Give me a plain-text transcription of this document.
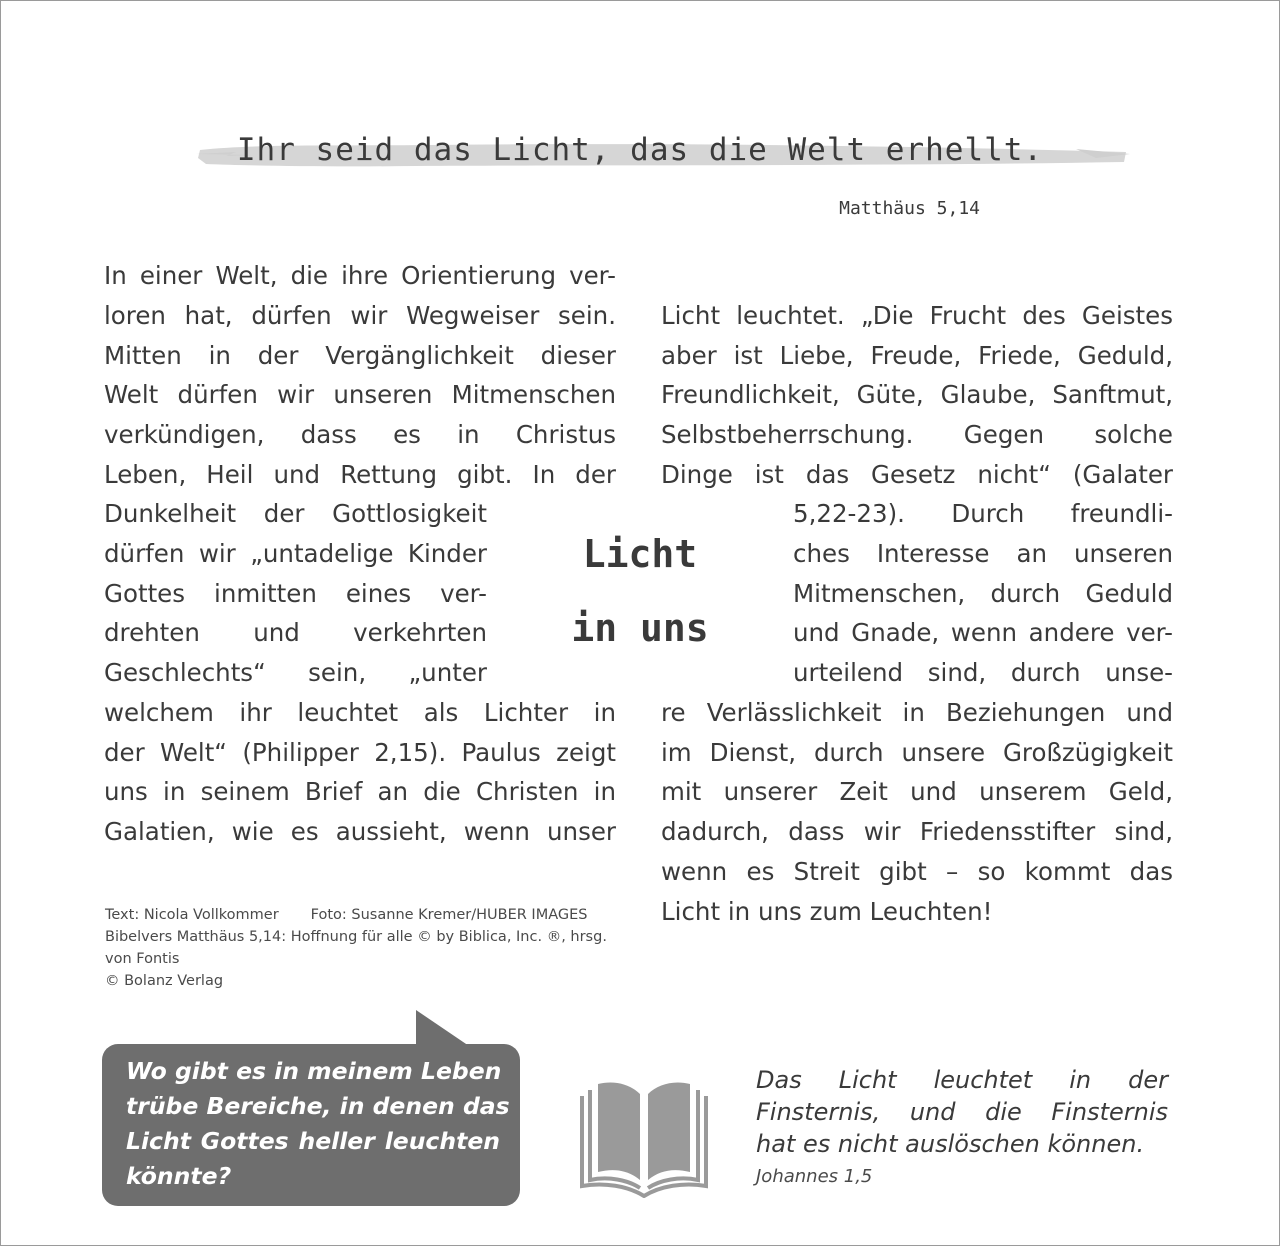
Ihr seid das Licht, das die Welt erhellt.
Matthäus 5,14
In einer Welt, die ihre Orientierung ver-
loren hat, dürfen wir Wegweiser sein.
Mitten in der Vergänglichkeit dieser
Welt dürfen wir unseren Mitmenschen
verkündigen, dass es in Christus
Leben, Heil und Rettung gibt. In der
Dunkelheit der Gottlosigkeit
dürfen wir „untadelige Kinder
Gottes inmitten eines ver-
drehten und verkehrten
Geschlechts“ sein, „unter
welchem ihr leuchtet als Lichter in
der Welt“ (Philipper 2,15). Paulus zeigt
uns in seinem Brief an die Christen in
Galatien, wie es aussieht, wenn unser
Licht
in uns
Licht leuchtet. „Die Frucht des Geistes
aber ist Liebe, Freude, Friede, Geduld,
Freundlichkeit, Güte, Glaube, Sanftmut,
Selbstbeherrschung. Gegen solche
Dinge ist das Gesetz nicht“ (Galater
5,22-23). Durch freundli-
ches Interesse an unseren
Mitmenschen, durch Geduld
und Gnade, wenn andere ver-
urteilend sind, durch unse-
re Verlässlichkeit in Beziehungen und
im Dienst, durch unsere Großzügigkeit
mit unserer Zeit und unserem Geld,
dadurch, dass wir Friedensstifter sind,
wenn es Streit gibt – so kommt das
Licht in uns zum Leuchten!
Text: Nicola Vollkommer Foto: Susanne Kremer/HUBER IMAGES
Bibelvers Matthäus 5,14: Hoffnung für alle © by Biblica, Inc. ®, hrsg.
von Fontis
© Bolanz Verlag
Wo gibt es in meinem Leben
trübe Bereiche, in denen das
Licht Gottes heller leuchten
könnte?
Das Licht leuchtet in der
Finsternis, und die Finsternis
hat es nicht auslöschen können.
Johannes 1,5
